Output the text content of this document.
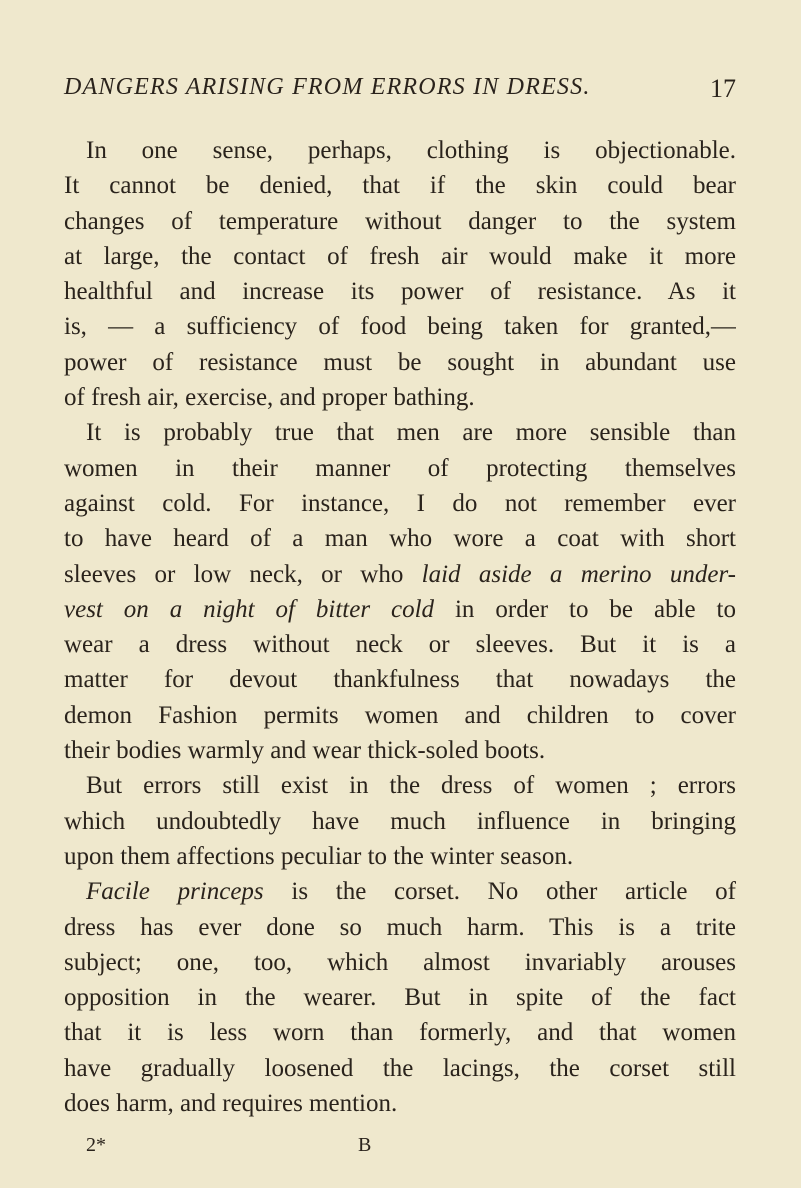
DANGERS ARISING FROM ERRORS IN DRESS.	17
In one sense, perhaps, clothing is objectionable.
It cannot be denied, that if the skin could bear
changes of temperature without danger to the system
at large, the contact of fresh air would make it more
healthful and increase its power of resistance. As it
is, — a sufficiency of food being taken for granted,—
power of resistance must be sought in abundant use
of fresh air, exercise, and proper bathing.
It is probably true that men are more sensible than
women in their manner of protecting themselves
against cold. For instance, I do not remember ever
to have heard of a man who wore a coat with short
sleeves or low neck, or who laid aside a merino under-
vest on a night of bitter cold in order to be able to
wear a dress without neck or sleeves. But it is a
matter for devout thankfulness that nowadays the
demon Fashion permits women and children to cover
their bodies warmly and wear thick-soled boots.
But errors still exist in the dress of women ; errors
which undoubtedly have much influence in bringing
upon them affections peculiar to the winter season.
Facile princeps is the corset. No other article of
dress has ever done so much harm. This is a trite
subject; one, too, which almost invariably arouses
opposition in the wearer. But in spite of the fact
that it is less worn than formerly, and that women
have gradually loosened the lacings, the corset still
does harm, and requires mention.
2*	B
